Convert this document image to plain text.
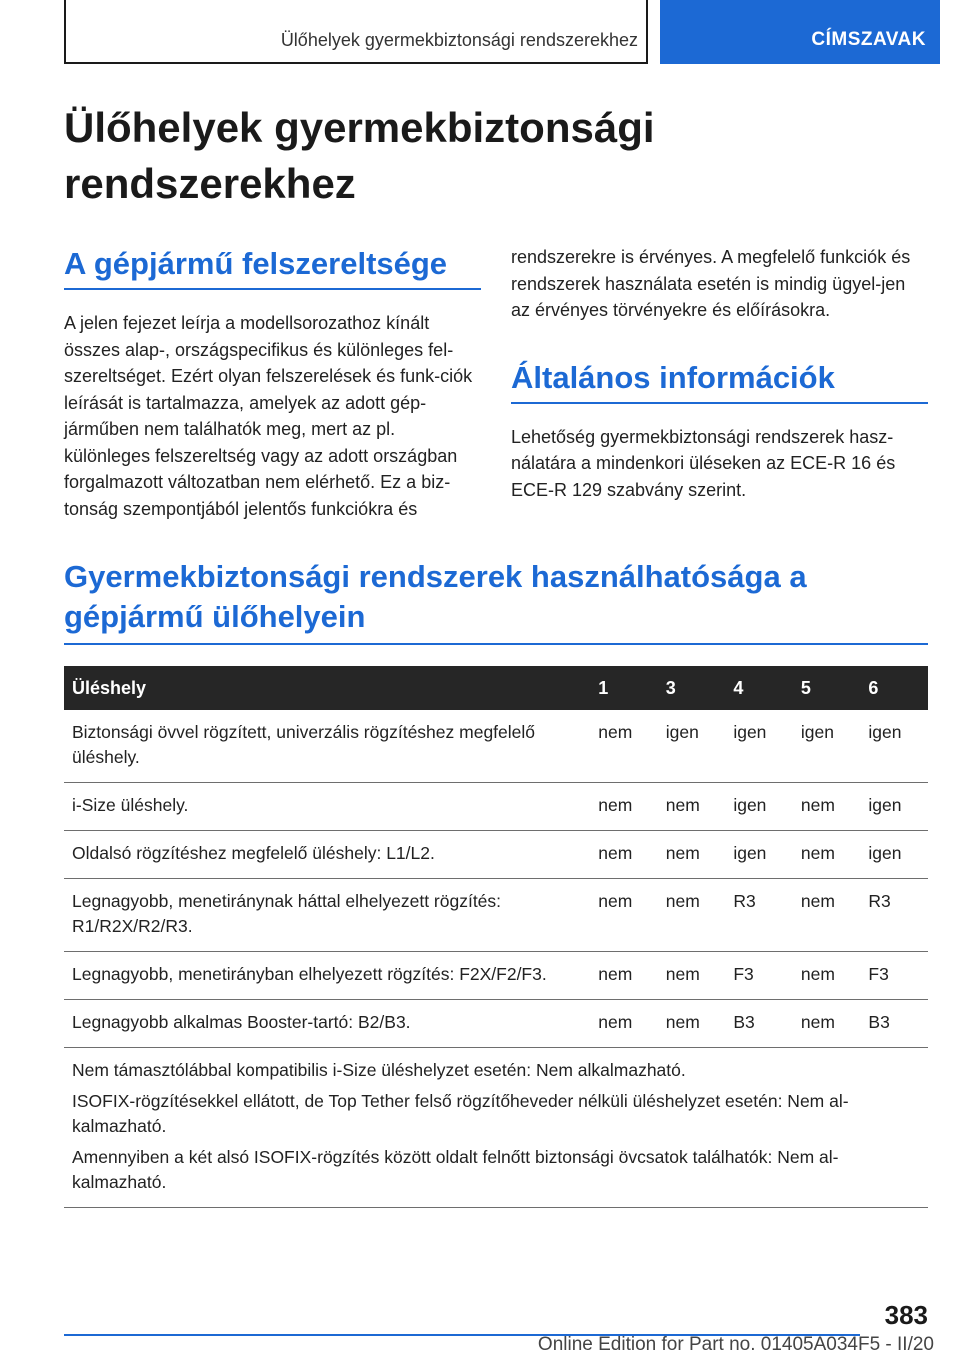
Ülőhelyek gyermekbiztonsági rendszerekhez	CÍMSZAVAK
Ülőhelyek gyermekbiztonsági
rendszerekhez
A gépjármű felszereltsége

A jelen fejezet leírja a modellsorozathoz kínált összes alap-, országspecifikus és különleges fel-szereltséget. Ezért olyan felszerelések és funk-ciók leírását is tartalmazza, amelyek az adott gép-járműben nem találhatók meg, mert az pl. különleges felszereltség vagy az adott országban forgalmazott változatban nem elérhető. Ez a biz-tonság szempontjából jelentős funkciókra és

rendszerekre is érvényes. A megfelelő funkciók és rendszerek használata esetén is mindig ügyel-jen az érvényes törvényekre és előírásokra.

Általános információk

Lehetőség gyermekbiztonsági rendszerek hasz-nálatára a mindenkori üléseken az ECE-R 16 és ECE-R 129 szabvány szerint.

Gyermekbiztonsági rendszerek használhatósága a
gépjármű ülőhelyein
Üléshely	1	3	4	5	6
Biztonsági övvel rögzített, univerzális rögzítéshez megfelelő üléshely.	nem	igen	igen	igen	igen
i-Size üléshely.	nem	nem	igen	nem	igen
Oldalsó rögzítéshez megfelelő üléshely: L1/L2.	nem	nem	igen	nem	igen
Legnagyobb, menetiránynak háttal elhelyezett rögzítés: R1/R2X/R2/R3.	nem	nem	R3	nem	R3
Legnagyobb, menetirányban elhelyezett rögzítés: F2X/F2/F3.	nem	nem	F3	nem	F3
Legnagyobb alkalmas Booster-tartó: B2/B3.	nem	nem	B3	nem	B3

Nem támasztólábbal kompatibilis i-Size üléshelyzet esetén: Nem alkalmazható.

ISOFIX-rögzítésekkel ellátott, de Top Tether felső rögzítőheveder nélküli üléshelyzet esetén: Nem al-kalmazható.

Amennyiben a két alsó ISOFIX-rögzítés között oldalt felnőtt biztonsági övcsatok találhatók: Nem al-kalmazható.					

383
Online Edition for Part no. 01405A034F5 - II/20
